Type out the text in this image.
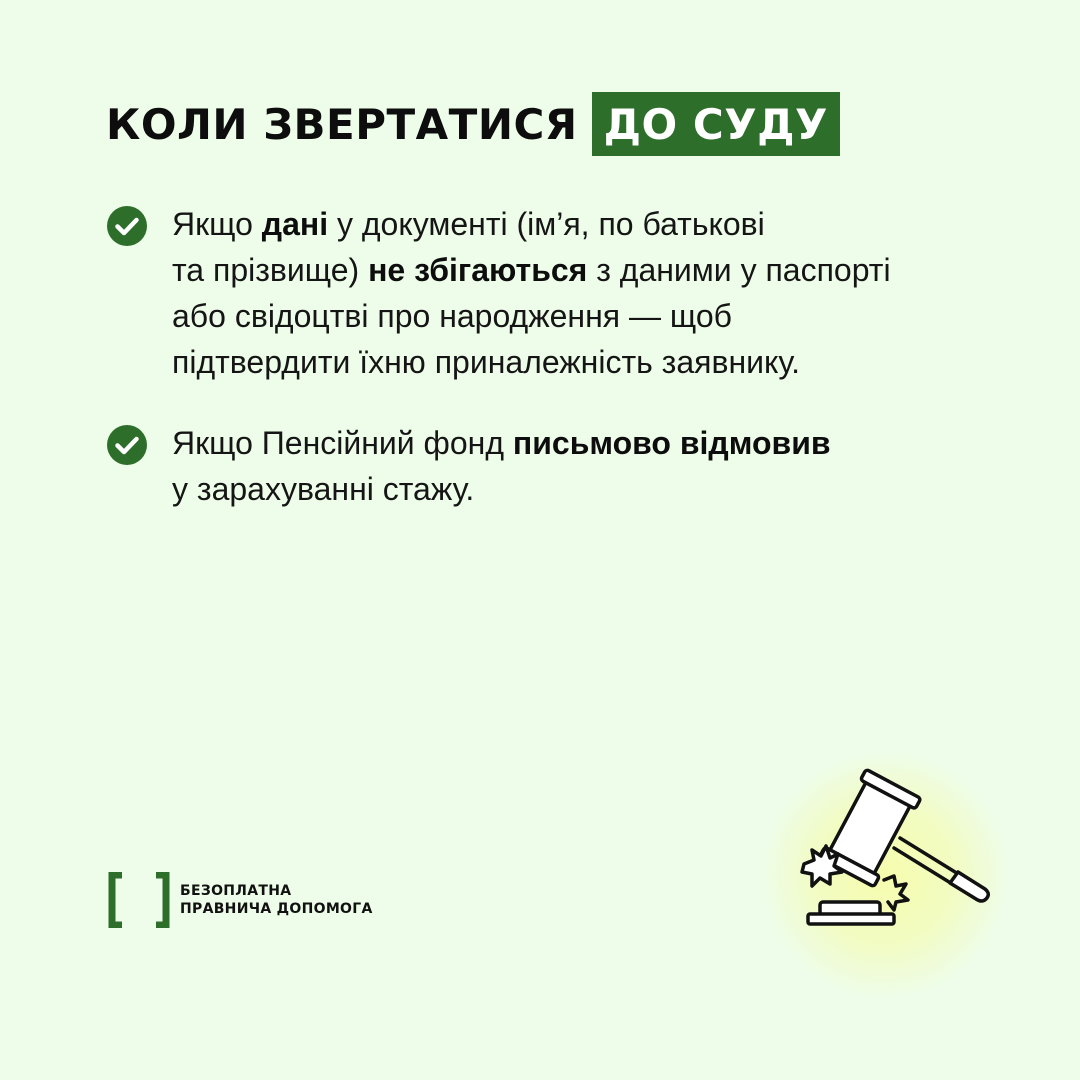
КОЛИ ЗВЕРТАТИСЯ ДО СУДУ
Якщо дані у документі (ім’я, по батькові
та прізвище) не збігаються з даними у паспорті
або свідоцтві про народження — щоб
підтвердити їхню приналежність заявнику.
Якщо Пенсійний фонд письмово відмовив
у зарахуванні стажу.
БЕЗОПЛАТНА
ПРАВНИЧА ДОПОМОГА
